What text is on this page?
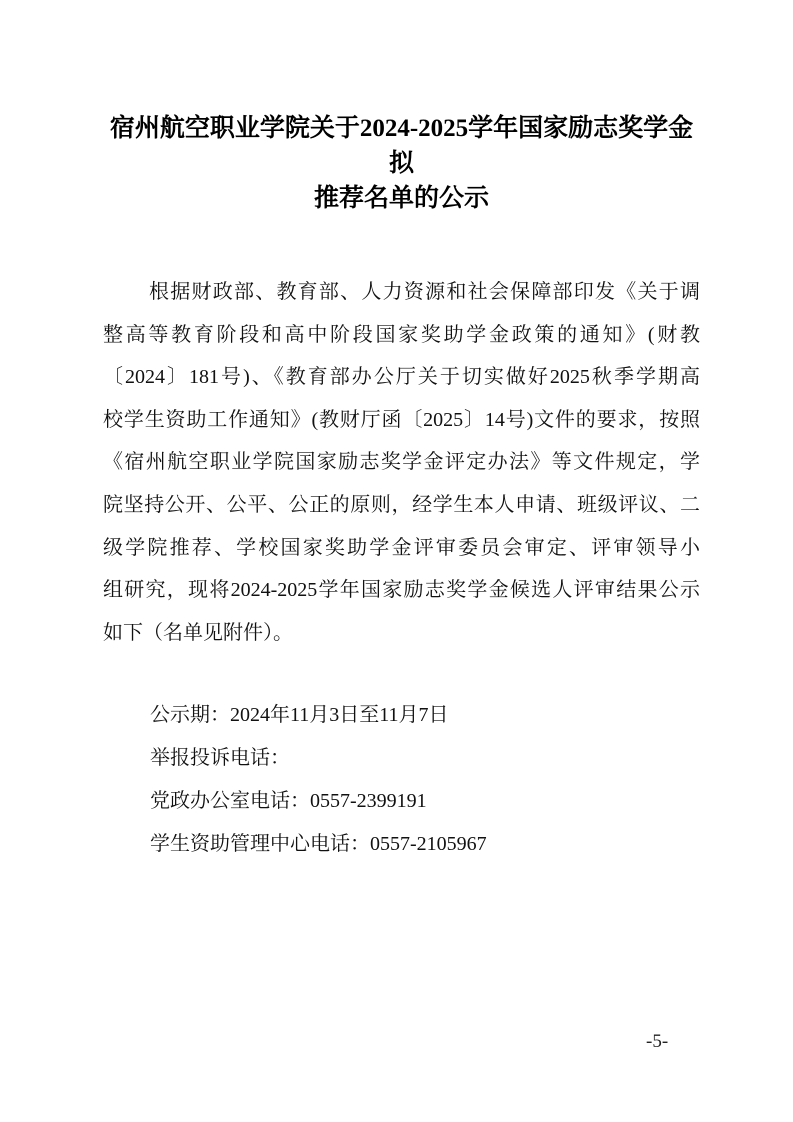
宿州航空职业学院关于2024-2025学年国家励志奖学金拟
推荐名单的公示
根据财政部、教育部、人力资源和社会保障部印发《关于调
整高等教育阶段和高中阶段国家奖助学金政策的通知》(财教
〔2024〕181号)、《教育部办公厅关于切实做好2025秋季学期高
校学生资助工作通知》(教财厅函〔2025〕14号)文件的要求，按照
《宿州航空职业学院国家励志奖学金评定办法》等文件规定，学
院坚持公开、公平、公正的原则，经学生本人申请、班级评议、二
级学院推荐、学校国家奖助学金评审委员会审定、评审领导小
组研究，现将2024-2025学年国家励志奖学金候选人评审结果公示
如下（名单见附件）。
公示期：2024年11月3日至11月7日
举报投诉电话：
党政办公室电话：0557-2399191
学生资助管理中心电话：0557-2105967
-5-
